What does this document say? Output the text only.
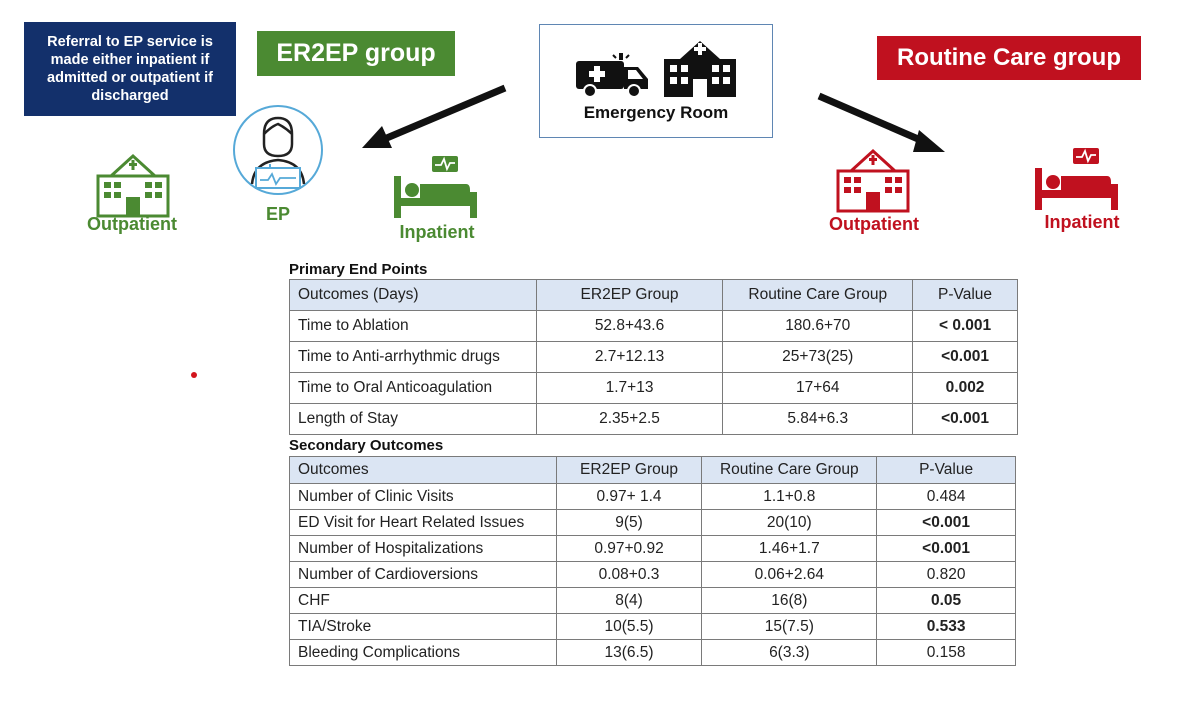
Referral to EP service is made either inpatient if admitted or outpatient if discharged
ER2EP group	Routine Care group
Emergency Room
Outpatient	EP
Inpatient	Outpatient	Inpatient
Primary End Points
Outcomes (Days)	ER2EP Group	Routine Care Group	P-Value
Time to Ablation	52.8+43.6	180.6+70	< 0.001
Time to Anti-arrhythmic drugs	2.7+12.13	25+73(25)	<0.001
Time to Oral Anticoagulation	1.7+13	17+64	0.002
Length of Stay	2.35+2.5	5.84+6.3	<0.001
Secondary Outcomes
Outcomes	ER2EP Group	Routine Care Group	P-Value
Number of Clinic Visits	0.97+ 1.4	1.1+0.8	0.484
ED Visit for Heart Related Issues	9(5)	20(10)	<0.001
Number of Hospitalizations	0.97+0.92	1.46+1.7	<0.001
Number of Cardioversions	0.08+0.3	0.06+2.64	0.820
CHF	8(4)	16(8)	0.05
TIA/Stroke	10(5.5)	15(7.5)	0.533
Bleeding Complications	13(6.5)	6(3.3)	0.158
